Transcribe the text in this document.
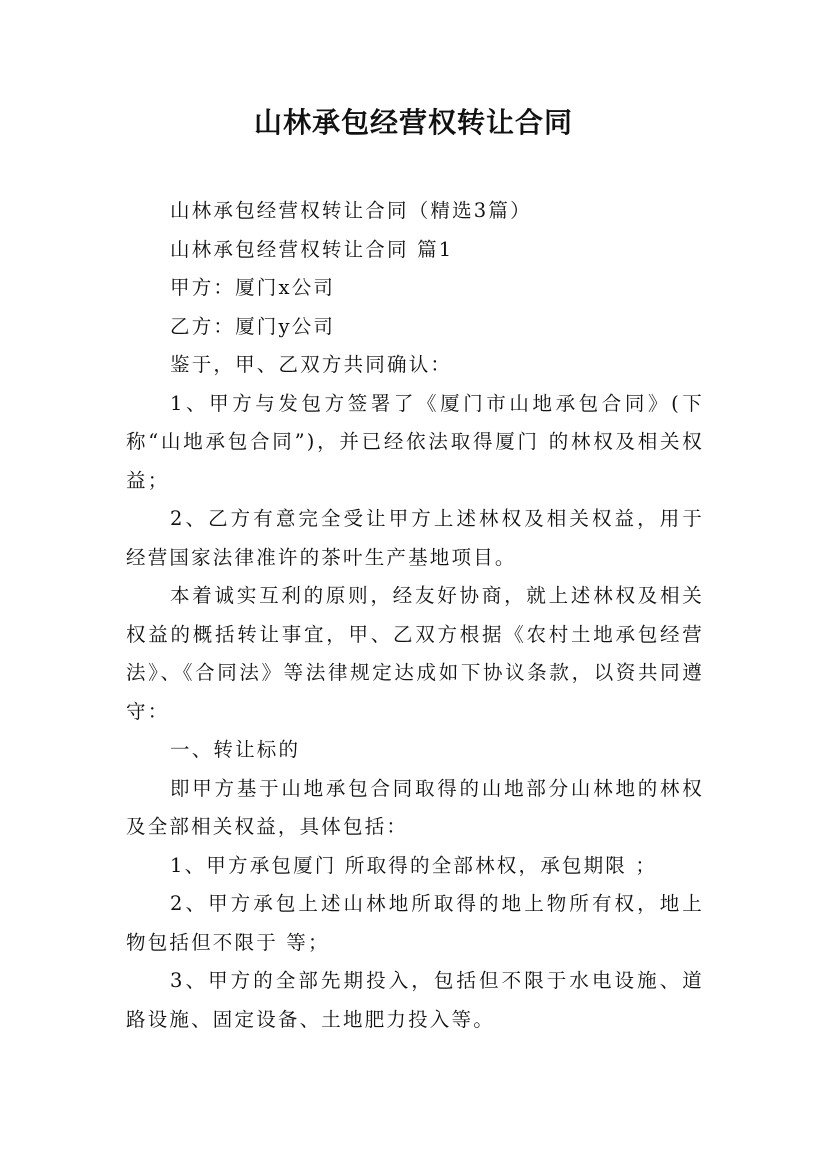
山林承包经营权转让合同

山林承包经营权转让合同（精选3篇）

山林承包经营权转让合同 篇1

甲方：厦门x公司

乙方：厦门y公司

鉴于，甲、乙双方共同确认：

1、甲方与发包方签署了《厦门市山地承包合同》(下称“山地承包合同”)，并已经依法取得厦门 的林权及相关权益；

2、乙方有意完全受让甲方上述林权及相关权益，用于经营国家法律准许的茶叶生产基地项目。

本着诚实互利的原则，经友好协商，就上述林权及相关权益的概括转让事宜，甲、乙双方根据《农村土地承包经营法》、《合同法》等法律规定达成如下协议条款，以资共同遵守：

一、转让标的

即甲方基于山地承包合同取得的山地部分山林地的林权及全部相关权益，具体包括：

1、甲方承包厦门 所取得的全部林权，承包期限 ；

2、甲方承包上述山林地所取得的地上物所有权，地上物包括但不限于 等；

3、甲方的全部先期投入，包括但不限于水电设施、道路设施、固定设备、土地肥力投入等。
